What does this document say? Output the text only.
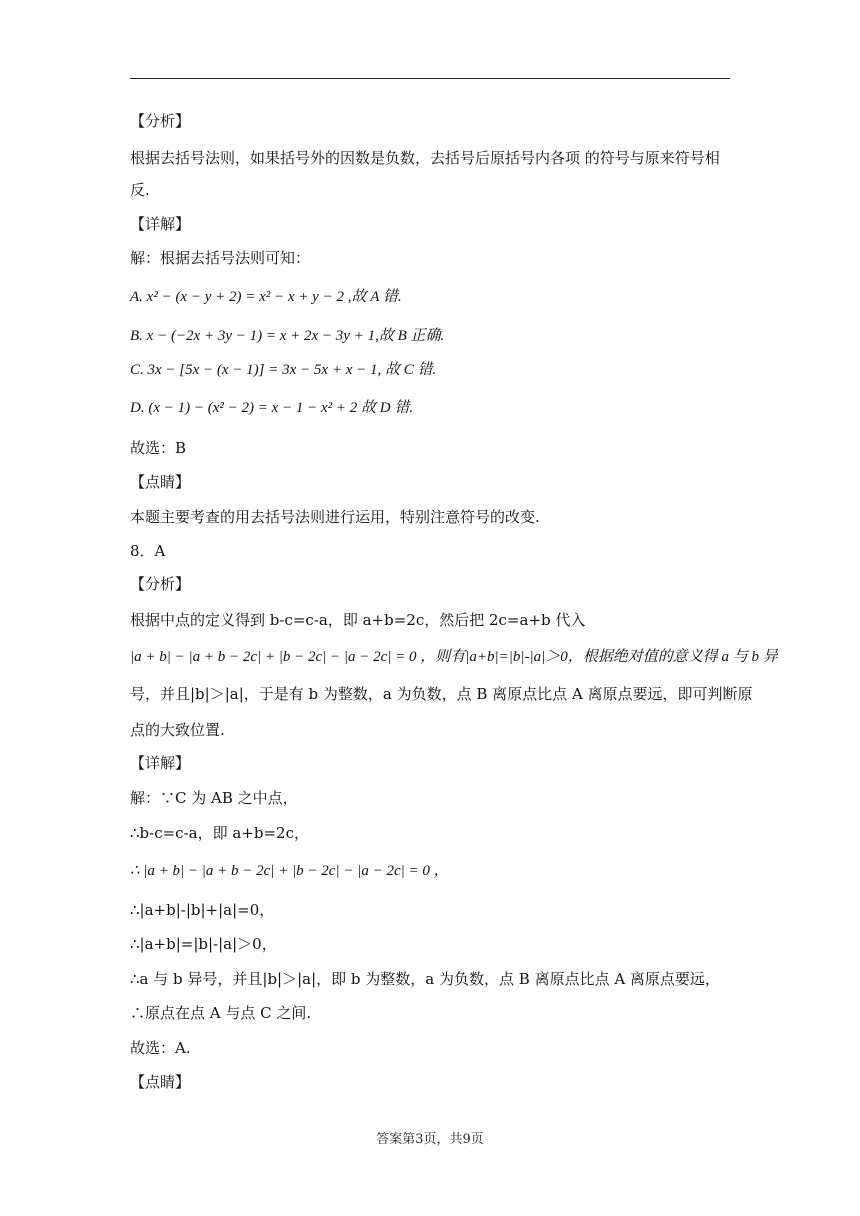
【分析】
根据去括号法则，如果括号外的因数是负数，去括号后原括号内各项 的符号与原来符号相
反.
【详解】
解：根据去括号法则可知：
A. x² − (x − y + 2) = x² − x + y − 2 ,故 A 错.
B. x − (−2x + 3y − 1) = x + 2x − 3y + 1,故 B 正确.
C. 3x − [5x − (x − 1)] = 3x − 5x + x − 1, 故 C 错.
D. (x − 1) − (x² − 2) = x − 1 − x² + 2 故 D 错.
故选：B
【点睛】
本题主要考查的用去括号法则进行运用，特别注意符号的改变.
8．A
【分析】
根据中点的定义得到 b-c=c-a，即 a+b=2c，然后把 2c=a+b 代入
|a + b| − |a + b − 2c| + |b − 2c| − |a − 2c| = 0 ，则有|a+b|=|b|-|a|＞0，根据绝对值的意义得 a 与 b 异
号，并且|b|＞|a|，于是有 b 为整数，a 为负数，点 B 离原点比点 A 离原点要远，即可判断原
点的大致位置.
【详解】
解：∵C 为 AB 之中点，
∴b-c=c-a，即 a+b=2c，
∴ |a + b| − |a + b − 2c| + |b − 2c| − |a − 2c| = 0 ，
∴|a+b|-|b|+|a|=0，
∴|a+b|=|b|-|a|＞0，
∴a 与 b 异号，并且|b|＞|a|，即 b 为整数，a 为负数，点 B 离原点比点 A 离原点要远，
∴原点在点 A 与点 C 之间.
故选：A.
【点睛】
答案第3页，共9页
